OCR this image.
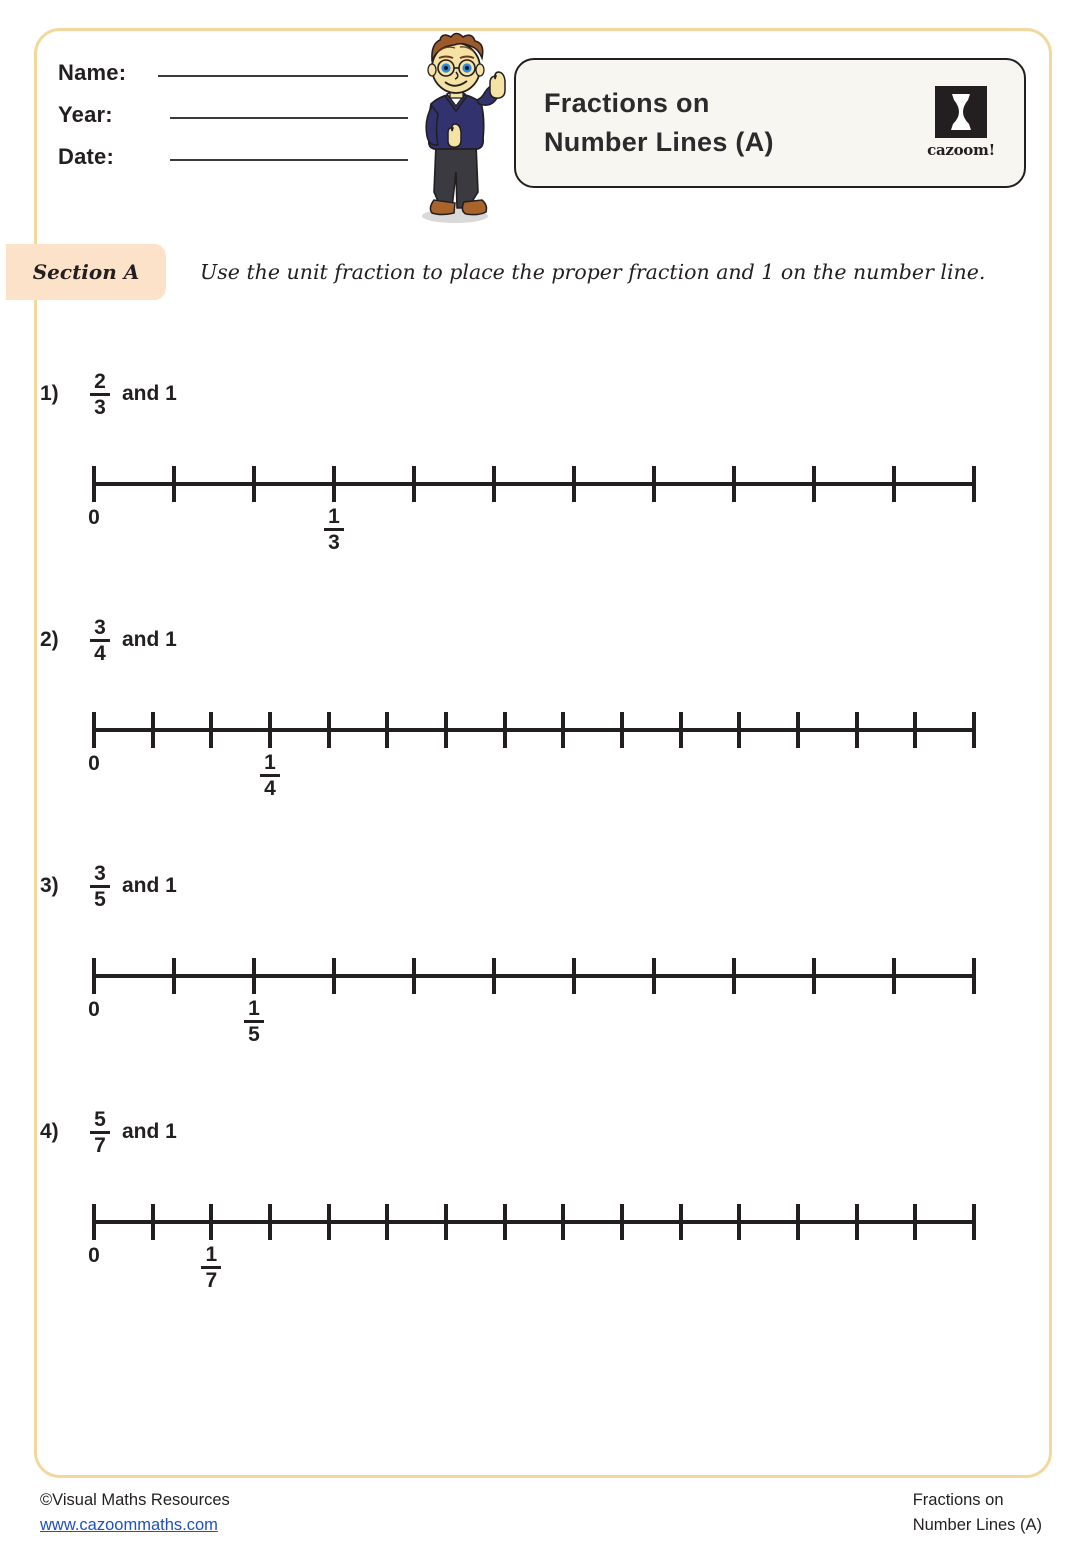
Name:
Year:
Date:
Fractions on
Number Lines (A)	cazoom!
Section A	Use the unit fraction to place the proper fraction and 1 on the number line.
1)	$\frac{2}{3}$ and 1
0	$\frac{1}{3}$
2)	$\frac{3}{4}$ and 1
0	$\frac{1}{4}$
3)	$\frac{3}{5}$ and 1
0	$\frac{1}{5}$
4)	$\frac{5}{7}$ and 1
0	$\frac{1}{7}$
©Visual Maths Resources
www.cazoommaths.com
Fractions on
Number Lines (A)
